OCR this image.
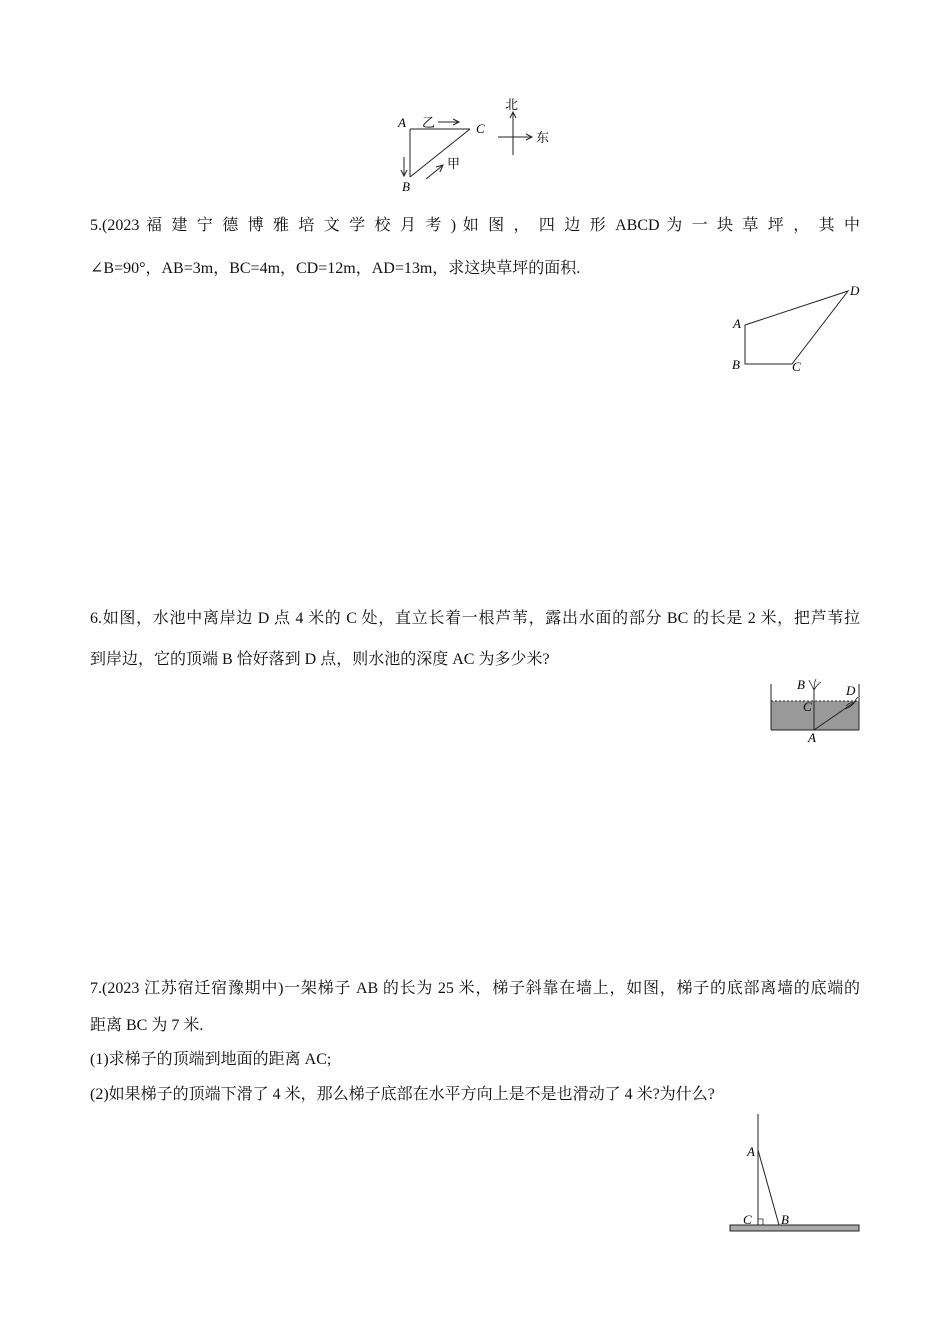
A
B
C
乙
甲
北
东
5.(2023 福 建 宁 德 博 雅 培 文 学 校 月 考 ) 如 图 ， 四 边 形 ABCD 为 一 块 草 坪 ， 其 中
∠B=90°，AB=3m，BC=4m，CD=12m，AD=13m，求这块草坪的面积.
A
B	C
D
6.如图，水池中离岸边 D 点 4 米的 C 处，直立长着一根芦苇，露出水面的部分 BC 的长是 2 米，把芦苇拉
到岸边，它的顶端 B 恰好落到 D 点，则水池的深度 AC 为多少米?
B	D
C
A
7.(2023 江苏宿迁宿豫期中)一架梯子 AB 的长为 25 米，梯子斜靠在墙上，如图，梯子的底部离墙的底端的
距离 BC 为 7 米.
(1)求梯子的顶端到地面的距离 AC;
(2)如果梯子的顶端下滑了 4 米，那么梯子底部在水平方向上是不是也滑动了 4 米?为什么?
A
C B
